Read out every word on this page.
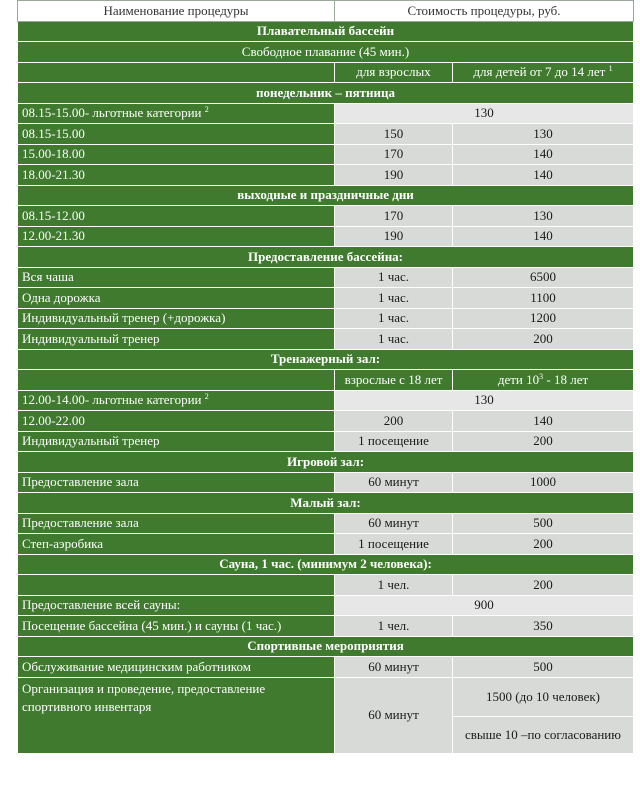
Наименование процедуры	Стоимость процедуры, руб.	
Плавательный бассейн		
Свободное плавание (45 мин.)		
	для взрослых	для детей от 7 до 14 лет $^1$
понедельник – пятница		
08.15-15.00- льготные категории $^2$	130	
08.15-15.00	150	130
15.00-18.00	170	140
18.00-21.30	190	140
выходные и праздничные дни		
08.15-12.00	170	130
12.00-21.30	190	140
Предоставление бассейна:		
Вся чаша	1 час.	6500
Одна дорожка	1 час.	1100
Индивидуальный тренер (+дорожка)	1 час.	1200
Индивидуальный тренер	1 час.	200
Тренажерный зал:		
	взрослые с 18 лет	дети $10^3 - 18$ лет
12.00-14.00- льготные категории $^2$	130	
12.00-22.00	200	140
Индивидуальный тренер	1 посещение	200
Игровой зал:		
Предоставление зала	60 минут	1000
Малый зал:		
Предоставление зала	60 минут	500
Степ-аэробика	1 посещение	200
Сауна, 1 час. (минимум 2 человека):		
	1 чел.	200
Предоставление всей сауны:	900	
Посещение бассейна (45 мин.) и сауны (1 час.)	1 чел.	350
Спортивные мероприятия		
Обслуживание медицинским работником	60 минут	500
Организация и проведение, предоставление спортивного инвентаря	60 минут	1500 (до 10 человек)
		свыше 10 –по согласованию
